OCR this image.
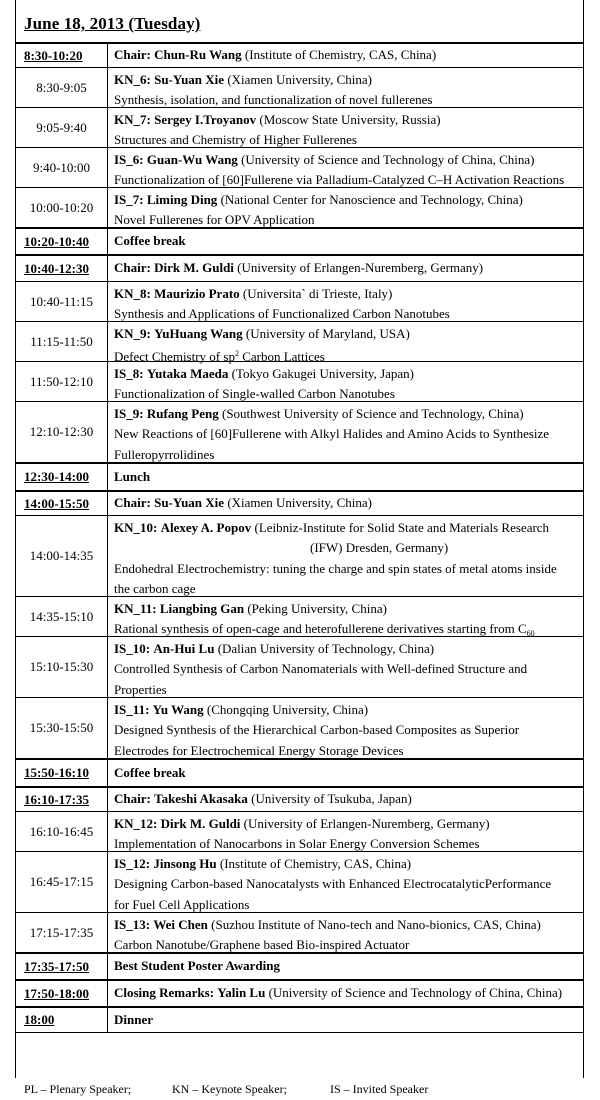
June 18, 2013 (Tuesday)
8:30-10:20	Chair: Chun-Ru Wang (Institute of Chemistry, CAS, China)
8:30-9:05	KN_6: Su-Yuan Xie (Xiamen University, China)
Synthesis, isolation, and functionalization of novel fullerenes
9:05-9:40	KN_7: Sergey I.Troyanov (Moscow State University, Russia)
Structures and Chemistry of Higher Fullerenes
9:40-10:00	IS_6: Guan-Wu Wang (University of Science and Technology of China, China)
Functionalization of [60]Fullerene via Palladium-Catalyzed C–H Activation Reactions
10:00-10:20	IS_7: Liming Ding (National Center for Nanoscience and Technology, China)
Novel Fullerenes for OPV Application
10:20-10:40	Coffee break
10:40-12:30	Chair: Dirk M. Guldi (University of Erlangen-Nuremberg, Germany)
10:40-11:15	KN_8: Maurizio Prato (Universita` di Trieste, Italy)
Synthesis and Applications of Functionalized Carbon Nanotubes
11:15-11:50	KN_9: YuHuang Wang (University of Maryland, USA)
Defect Chemistry of $sp^2$ Carbon Lattices
11:50-12:10	IS_8: Yutaka Maeda (Tokyo Gakugei University, Japan)
Functionalization of Single-walled Carbon Nanotubes
12:10-12:30
IS_9: Rufang Peng (Southwest University of Science and Technology, China)
New Reactions of [60]Fullerene with Alkyl Halides and Amino Acids to Synthesize
Fulleropyrrolidines
12:30-14:00	Lunch
14:00-15:50	Chair: Su-Yuan Xie (Xiamen University, China)
14:00-14:35
KN_10: Alexey A. Popov (Leibniz-Institute for Solid State and Materials Research
(IFW) Dresden, Germany)
Endohedral Electrochemistry: tuning the charge and spin states of metal atoms inside
the carbon cage
14:35-15:10	KN_11: Liangbing Gan (Peking University, China)
Rational synthesis of open-cage and heterofullerene derivatives starting from $C_{60}$
15:10-15:30
IS_10: An-Hui Lu (Dalian University of Technology, China)
Controlled Synthesis of Carbon Nanomaterials with Well-defined Structure and
Properties
15:30-15:50
IS_11: Yu Wang (Chongqing University, China)
Designed Synthesis of the Hierarchical Carbon-based Composites as Superior
Electrodes for Electrochemical Energy Storage Devices
15:50-16:10	Coffee break
16:10-17:35	Chair: Takeshi Akasaka (University of Tsukuba, Japan)
16:10-16:45	KN_12: Dirk M. Guldi (University of Erlangen-Nuremberg, Germany)
Implementation of Nanocarbons in Solar Energy Conversion Schemes
16:45-17:15
IS_12: Jinsong Hu (Institute of Chemistry, CAS, China)
Designing Carbon-based Nanocatalysts with Enhanced ElectrocatalyticPerformance
for Fuel Cell Applications
17:15-17:35	IS_13: Wei Chen (Suzhou Institute of Nano-tech and Nano-bionics, CAS, China)
Carbon Nanotube/Graphene based Bio-inspired Actuator
17:35-17:50	Best Student Poster Awarding
17:50-18:00	Closing Remarks: Yalin Lu (University of Science and Technology of China, China)
18:00	Dinner
PL – Plenary Speaker;	KN – Keynote Speaker;	IS – Invited Speaker
